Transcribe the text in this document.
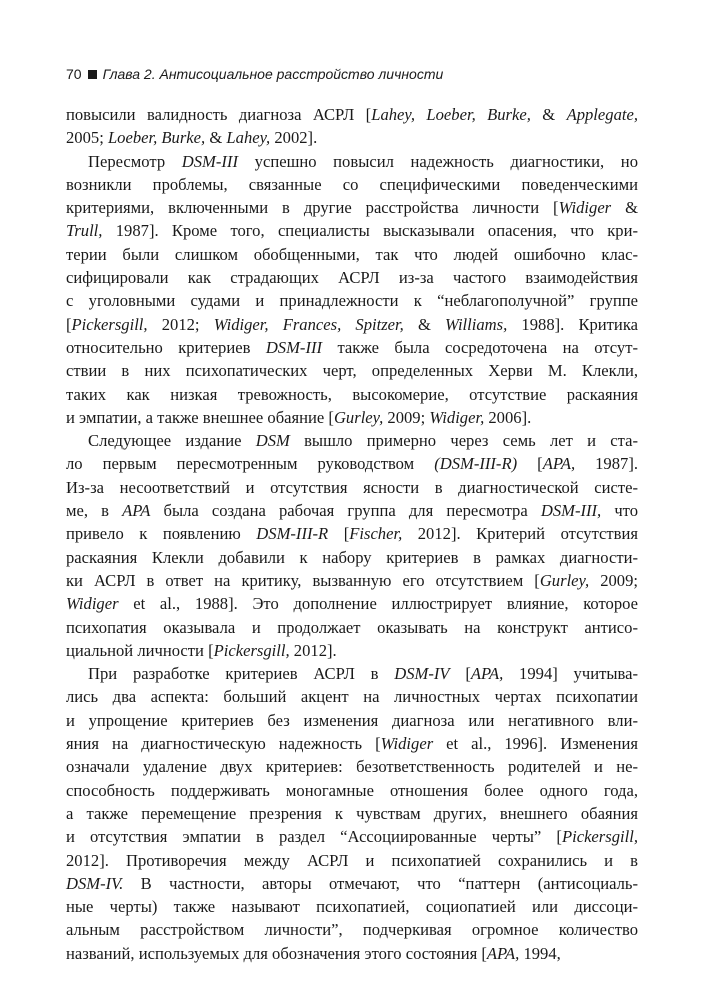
70 Глава 2. Антисоциальное расстройство личности

повысили валидность диагноза АСРЛ [Lahey, Loeber, Burke, & Applegate,

2005; Loeber, Burke, & Lahey, 2002].

Пересмотр DSM-III успешно повысил надежность диагностики, но

возникли проблемы, связанные со специфическими поведенческими

критериями, включенными в другие расстройства личности [Widiger &

Trull, 1987]. Кроме того, специалисты высказывали опасения, что кри-

терии были слишком обобщенными, так что людей ошибочно клас-

сифицировали как страдающих АСРЛ из-за частого взаимодействия

с уголовными судами и принадлежности к “неблагополучной” группе

[Pickersgill, 2012; Widiger, Frances, Spitzer, & Williams, 1988]. Критика

относительно критериев DSM-III также была сосредоточена на отсут-

ствии в них психопатических черт, определенных Херви М. Клекли,

таких как низкая тревожность, высокомерие, отсутствие раскаяния

и эмпатии, а также внешнее обаяние [Gurley, 2009; Widiger, 2006].

Следующее издание DSM вышло примерно через семь лет и ста-

ло первым пересмотренным руководством (DSM-III-R) [APA, 1987].

Из-за несоответствий и отсутствия ясности в диагностической систе-

ме, в APA была создана рабочая группа для пересмотра DSM-III, что

привело к появлению DSM-III-R [Fischer, 2012]. Критерий отсутствия

раскаяния Клекли добавили к набору критериев в рамках диагности-

ки АСРЛ в ответ на критику, вызванную его отсутствием [Gurley, 2009;

Widiger et al., 1988]. Это дополнение иллюстрирует влияние, которое

психопатия оказывала и продолжает оказывать на конструкт антисо-

циальной личности [Pickersgill, 2012].

При разработке критериев АСРЛ в DSM-IV [APA, 1994] учитыва-

лись два аспекта: больший акцент на личностных чертах психопатии

и упрощение критериев без изменения диагноза или негативного вли-

яния на диагностическую надежность [Widiger et al., 1996]. Изменения

означали удаление двух критериев: безответственность родителей и не-

способность поддерживать моногамные отношения более одного года,

а также перемещение презрения к чувствам других, внешнего обаяния

и отсутствия эмпатии в раздел “Ассоциированные черты” [Pickersgill,

2012]. Противоречия между АСРЛ и психопатией сохранились и в

DSM-IV. В частности, авторы отмечают, что “паттерн (антисоциаль-

ные черты) также называют психопатией, социопатией или диссоци-

альным расстройством личности”, подчеркивая огромное количество

названий, используемых для обозначения этого состояния [APA, 1994,
